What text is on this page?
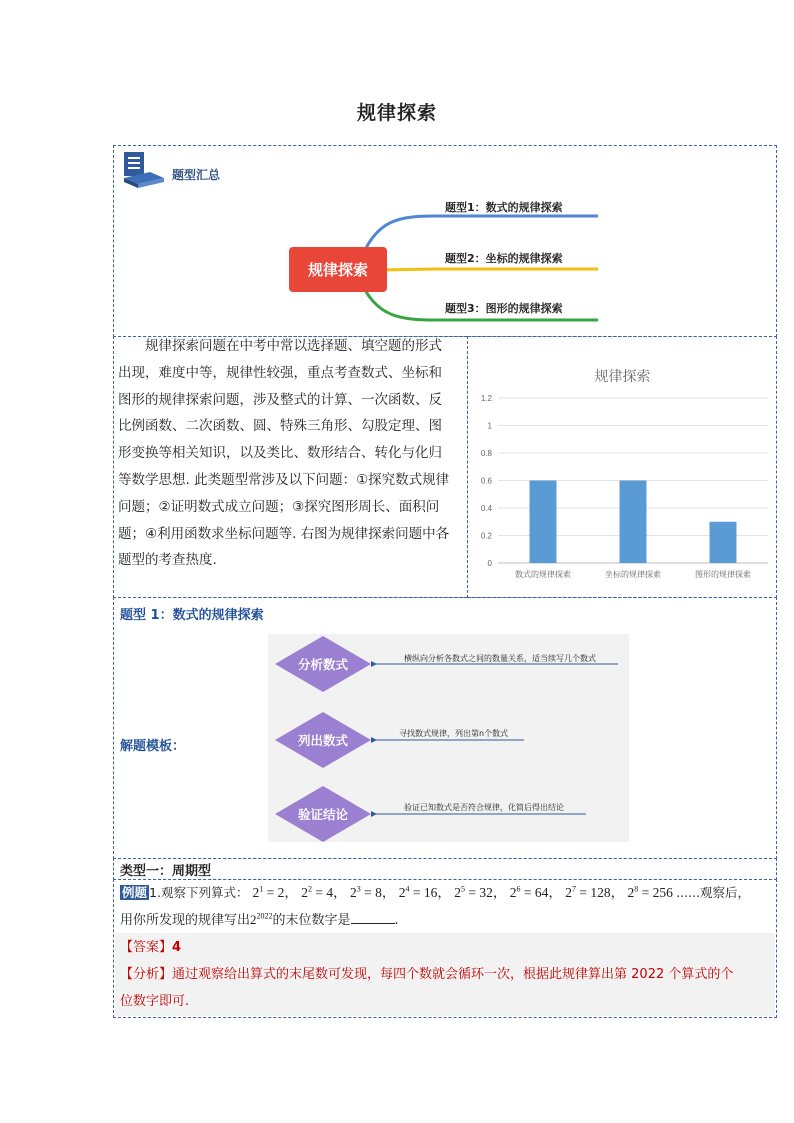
规律探索
题型汇总
规律探索
题型1：数式的规律探索
题型2：坐标的规律探索
题型3：图形的规律探索
　　规律探索问题在中考中常以选择题、填空题的形式
出现，难度中等，规律性较强，重点考查数式、坐标和
图形的规律探索问题，涉及整式的计算、一次函数、反
比例函数、二次函数、圆、特殊三角形、勾股定理、图
形变换等相关知识，以及类比、数形结合、转化与化归
等数学思想. 此类题型常涉及以下问题：①探究数式规律
问题；②证明数式成立问题；③探究图形周长、面积问
题；④利用函数求坐标问题等. 右图为规律探索问题中各
题型的考查热度.
规律探索
0
0.2
0.4
0.6
0.8
1
1.2
数式的规律探索	坐标的规律探索	图形的规律探索
题型 1：数式的规律探索
解题模板：
分析数式	横纵向分析各数式之间的数量关系，适当续写几个数式
列出数式	寻找数式规律，列出第n个数式
验证结论	验证已知数式是否符合规律，化简后得出结论
类型一：周期型
例题 1.观察下列算式： $2^1 = 2$， $2^2 = 4$， $2^3 = 8$， $2^4 = 16$， $2^5 = 32$， $2^6 = 64$， $2^7 = 128$， $2^8 = 256$ ......观察后，
用你所发现的规律写出$2^{2022}$的末位数字是	.
【答案】4
【分析】通过观察给出算式的末尾数可发现，每四个数就会循环一次，根据此规律算出第 2022 个算式的个
位数字即可.
